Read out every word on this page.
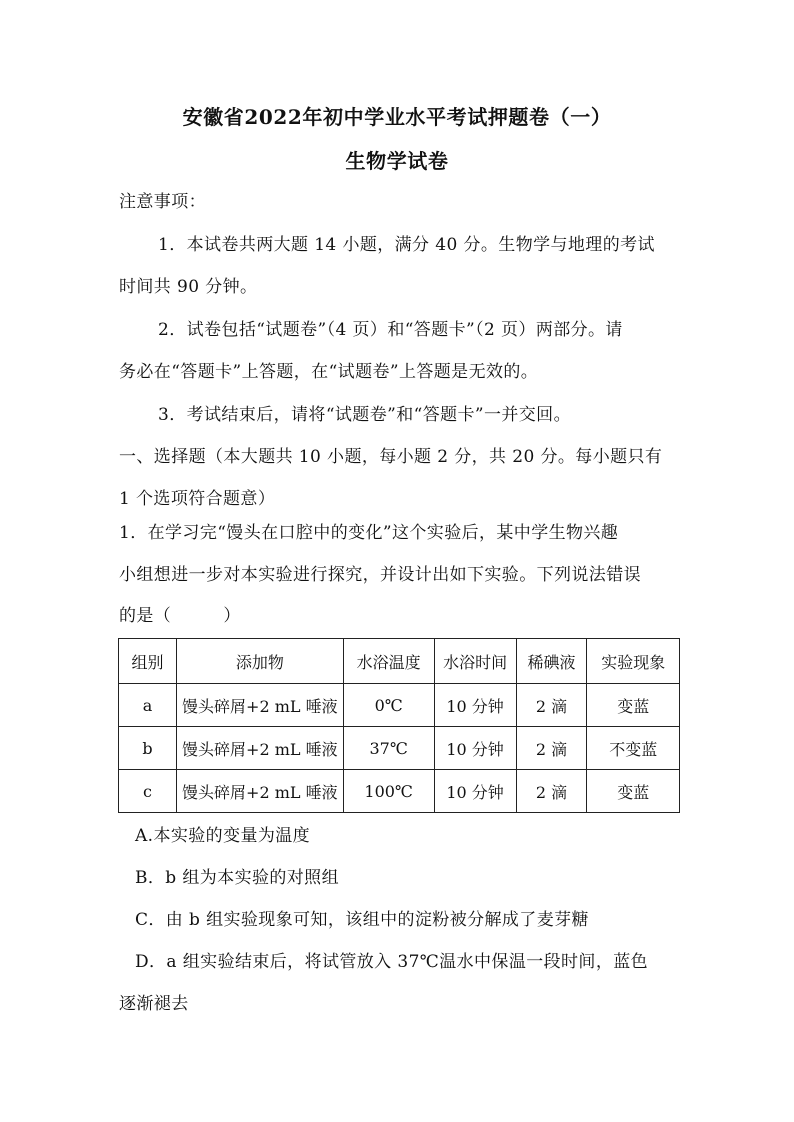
安徽省2022年初中学业水平考试押题卷（一）
生物学试卷
注意事项：
1．本试卷共两大题 14 小题，满分 40 分。生物学与地理的考试
时间共 90 分钟。
2．试卷包括“试题卷”（4 页）和“答题卡”（2 页）两部分。请
务必在“答题卡”上答题，在“试题卷”上答题是无效的。
3．考试结束后，请将“试题卷”和“答题卡”一并交回。
一、选择题（本大题共 10 小题，每小题 2 分，共 20 分。每小题只有
1 个选项符合题意）
1．在学习完“馒头在口腔中的变化”这个实验后，某中学生物兴趣
小组想进一步对本实验进行探究，并设计出如下实验。下列说法错误
的是（　　　）
组别	添加物	水浴温度	水浴时间	稀碘液	实验现象
a	馒头碎屑+2 mL 唾液	0℃	10 分钟	2 滴	变蓝
b	馒头碎屑+2 mL 唾液	37℃	10 分钟	2 滴	不变蓝
c	馒头碎屑+2 mL 唾液	100℃	10 分钟	2 滴	变蓝
A.本实验的变量为温度
B．b 组为本实验的对照组
C．由 b 组实验现象可知，该组中的淀粉被分解成了麦芽糖
D．a 组实验结束后，将试管放入 37℃温水中保温一段时间，蓝色
逐渐褪去
